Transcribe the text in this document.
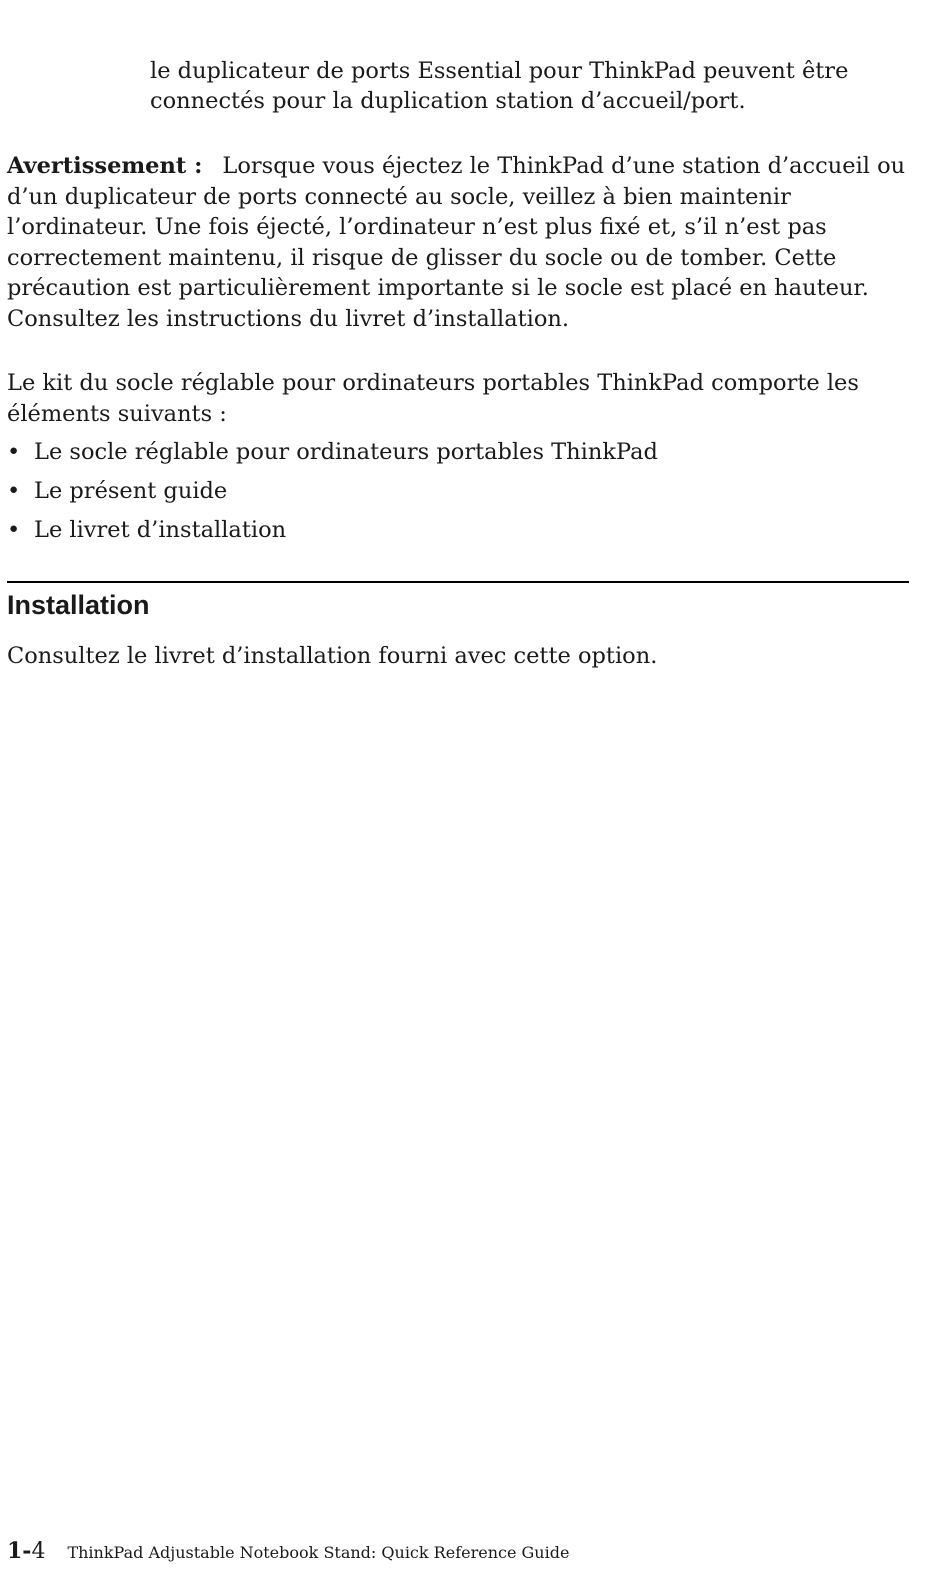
le duplicateur de ports Essential pour ThinkPad peuvent être
connectés pour la duplication station d’accueil/port.
Avertissement : Lorsque vous éjectez le ThinkPad d’une station d’accueil ou
d’un duplicateur de ports connecté au socle, veillez à bien maintenir
l’ordinateur. Une fois éjecté, l’ordinateur n’est plus fixé et, s’il n’est pas
correctement maintenu, il risque de glisser du socle ou de tomber. Cette
précaution est particulièrement importante si le socle est placé en hauteur.
Consultez les instructions du livret d’installation.
Le kit du socle réglable pour ordinateurs portables ThinkPad comporte les
éléments suivants :
• Le socle réglable pour ordinateurs portables ThinkPad
• Le présent guide
• Le livret d’installation
Installation
Consultez le livret d’installation fourni avec cette option.
1-4 ThinkPad Adjustable Notebook Stand: Quick Reference Guide
